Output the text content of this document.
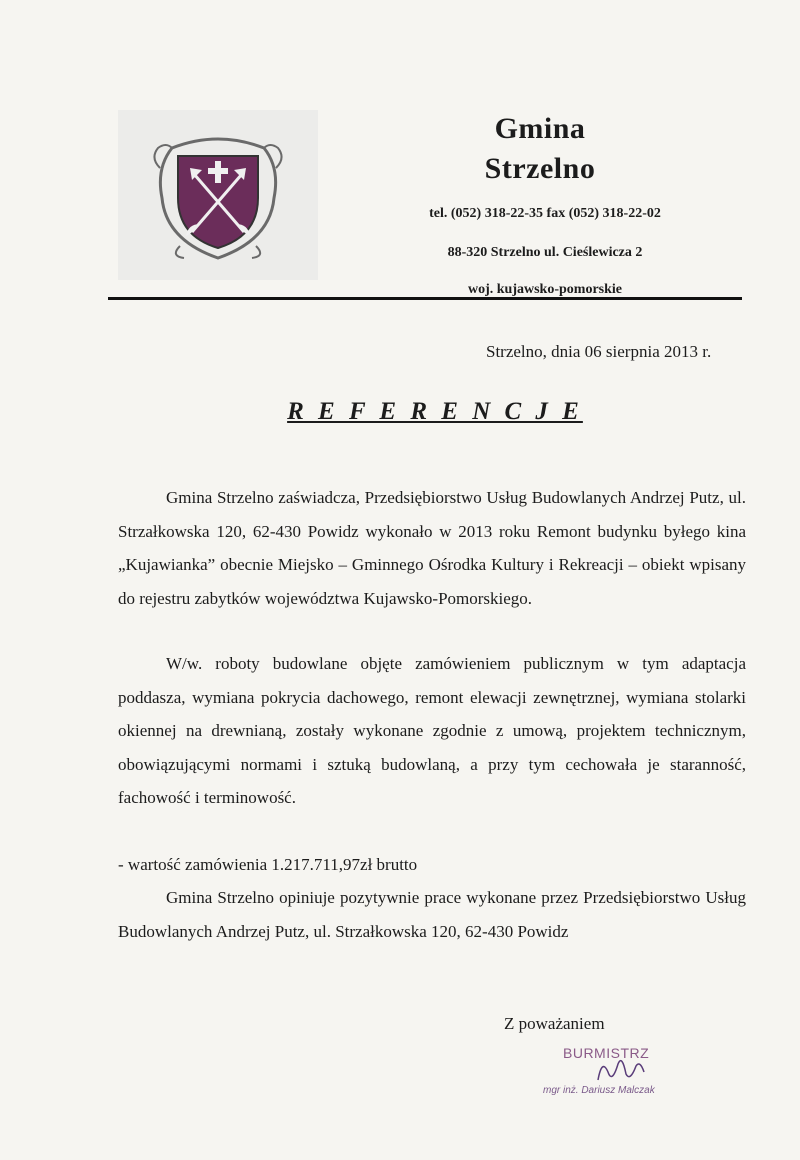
Gmina
Strzelno
tel. (052) 318-22-35 fax (052) 318-22-02
88-320 Strzelno ul. Cieślewicza 2
woj. kujawsko-pomorskie
Strzelno, dnia 06 sierpnia 2013 r.
R E F E R E N C J E

Gmina Strzelno zaświadcza, Przedsiębiorstwo Usług Budowlanych Andrzej Putz, ul. Strzałkowska 120, 62-430 Powidz wykonało w 2013 roku Remont budynku byłego kina „Kujawianka” obecnie Miejsko – Gminnego Ośrodka Kultury i Rekreacji – obiekt wpisany do rejestru zabytków województwa Kujawsko-Pomorskiego.

W/w. roboty budowlane objęte zamówieniem publicznym w tym adaptacja poddasza, wymiana pokrycia dachowego, remont elewacji zewnętrznej, wymiana stolarki okiennej na drewnianą, zostały wykonane zgodnie z umową, projektem technicznym, obowiązującymi normami i sztuką budowlaną, a przy tym cechowała je staranność, fachowość i terminowość.

- wartość zamówienia 1.217.711,97zł brutto

Gmina Strzelno opiniuje pozytywnie prace wykonane przez Przedsiębiorstwo Usług Budowlanych Andrzej Putz, ul. Strzałkowska 120, 62-430 Powidz

Z poważaniem
BURMISTRZ
mgr inż. Dariusz Malczak
